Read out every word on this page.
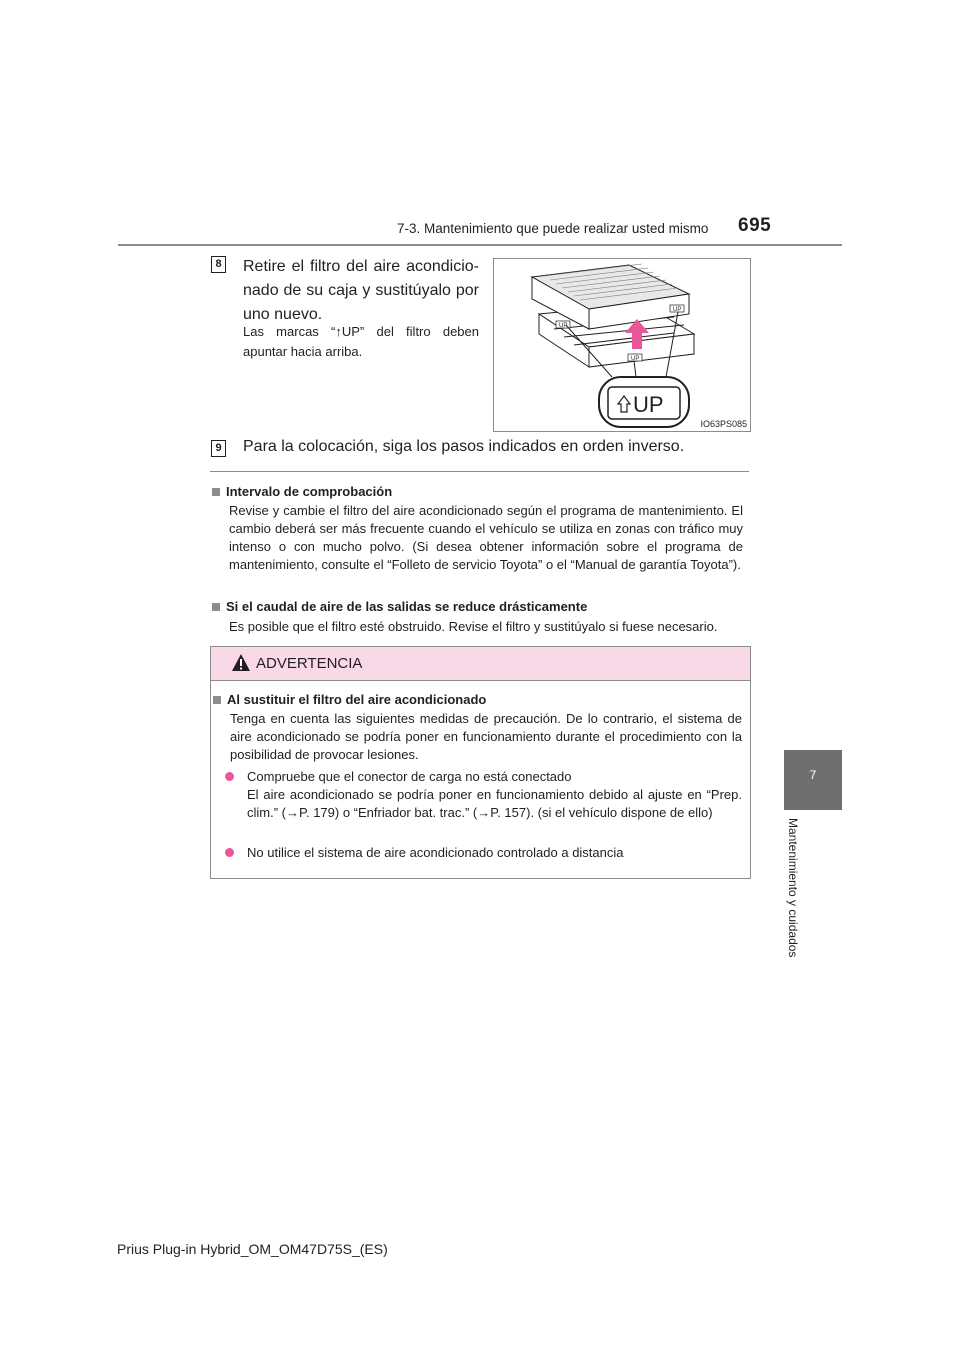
7-3. Mantenimiento que puede realizar usted mismo 695
7
Mantenimiento y cuidados
8 Retire el filtro del aire acondicio-nado de su caja y sustitúyalo por uno nuevo.
Las marcas “↑UP” del filtro deben apuntar hacia arriba.
UP
UP
UP
UP
IO63PS085
9 Para la colocación, siga los pasos indicados en orden inverso.
Intervalo de comprobación
Revise y cambie el filtro del aire acondicionado según el programa de mantenimiento. El cambio deberá ser más frecuente cuando el vehículo se utiliza en zonas con tráfico muy intenso o con mucho polvo. (Si desea obtener información sobre el programa de mantenimiento, consulte el “Folleto de servicio Toyota” o el “Manual de garantía Toyota”).
Si el caudal de aire de las salidas se reduce drásticamente
Es posible que el filtro esté obstruido. Revise el filtro y sustitúyalo si fuese necesario.
ADVERTENCIA
Al sustituir el filtro del aire acondicionado
Tenga en cuenta las siguientes medidas de precaución. De lo contrario, el sistema de aire acondicionado se podría poner en funcionamiento durante el procedimiento con la posibilidad de provocar lesiones.
Compruebe que el conector de carga no está conectado
El aire acondicionado se podría poner en funcionamiento debido al ajuste en “Prep. clim.” (→P. 179) o “Enfriador bat. trac.” (→P. 157). (si el vehículo dispone de ello)
No utilice el sistema de aire acondicionado controlado a distancia
Prius Plug-in Hybrid_OM_OM47D75S_(ES)
